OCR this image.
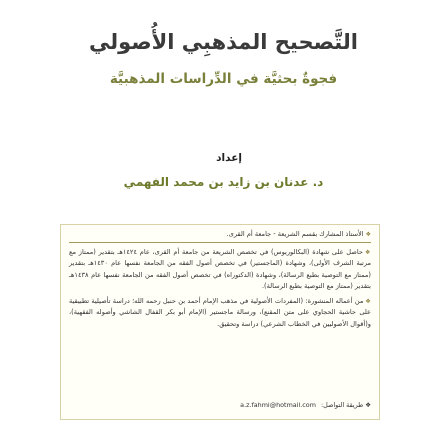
التَّصحيح المذهبِي الأُصولي
فجوةٌ بحثيَّة في الدِّراسات المذهبيَّة
إعداد
د. عدنان بن زايد بن محمد الفهمي

❖ الأستاذ المشارك بقسم الشريعة - جامعة أم القرى.

❖ حاصل على شهادة (البكالوريوس) في تخصص الشريعة من جامعة أم القرى، عام ١٤٢٤هـ بتقدير (ممتاز مع مرتبة الشرف الأولى)، وشهادة (الماجستير) في تخصص أصول الفقه من الجامعة نفسها عام ١٤٣٠هـ بتقدير (ممتاز مع التوصية بطبع الرسالة)، وشهادة (الدكتوراه) في تخصص أصول الفقه من الجامعة نفسها عام ١٤٣٨هـ بتقدير (ممتاز مع التوصية بطبع الرسالة).

❖ من أعماله المنشورة: (المفردات الأصولية في مذهب الإمام أحمد بن حنبل رحمه الله؛ دراسة تأصيلية تطبيقية على حاشية الحجاوي على متن المقنع)، ورسالة ماجستير (الإمام أبو بكر القفال الشاشي وأصوله الفقهية)، و(أقوال الأصوليين في الخطاب الشرعي) دراسة وتحقيق.

❖ طريقة التواصل: a.z.fahmi@hotmail.com
